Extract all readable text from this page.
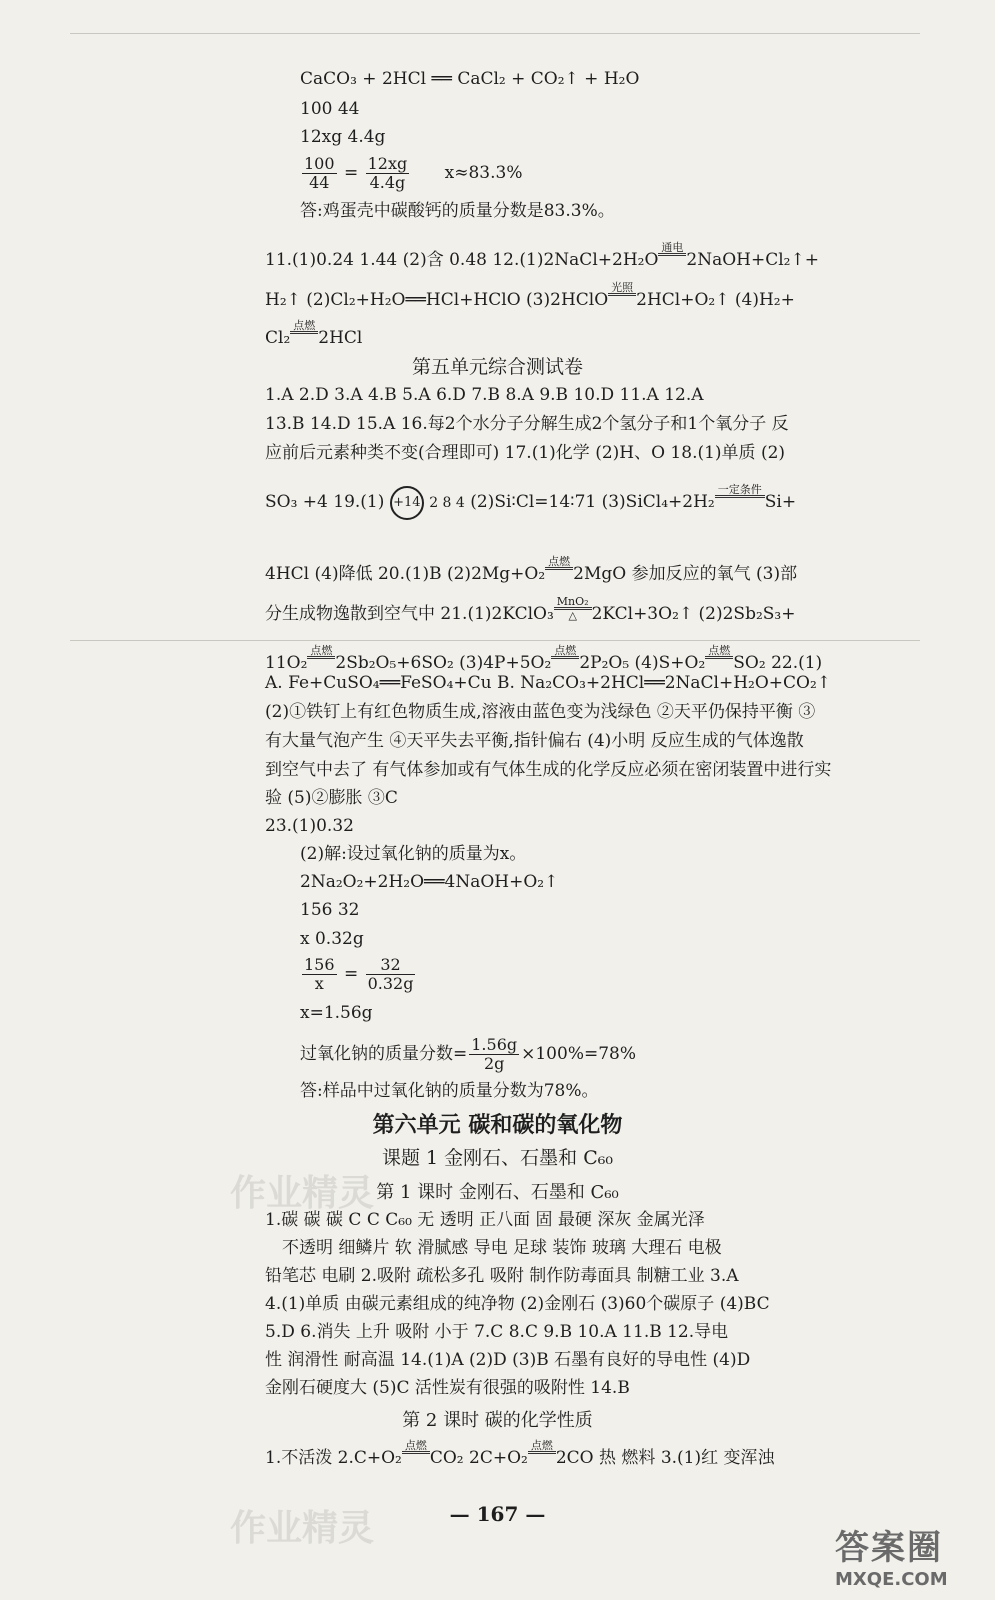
CaCO₃ + 2HCl ══ CaCl₂ + CO₂↑ + H₂O
100 44
12xg 4.4g
$\frac{100}{44} = \frac{12xg}{4.4g} x\approx 83.3\%$
答:鸡蛋壳中碳酸钙的质量分数是83.3%。
11.(1)0.24 1.44 (2)含 0.48 12.(1)2NaCl+2H₂O
通电

2NaOH+Cl₂↑+
H₂↑ (2)Cl₂+H₂O══HCl+HClO (3)2HClO
光照

2HCl+O₂↑ (4)H₂+
Cl₂
点燃

2HCl
第五单元综合测试卷
1.A 2.D 3.A 4.B 5.A 6.D 7.B 8.A 9.B 10.D 11.A 12.A
13.B 14.D 15.A 16.每2个水分子分解生成2个氢分子和1个氧分子 反
应前后元素种类不变(合理即可) 17.(1)化学 (2)H、O 18.(1)单质 (2)
SO₃ +4 19.(1) +14 2 8 4 (2)Si∶Cl=14∶71 (3)SiCl₄+2H₂
一定条件

Si+
4HCl (4)降低 20.(1)B (2)2Mg+O₂
点燃

2MgO 参加反应的氧气 (3)部
分生成物逸散到空气中 21.(1)2KClO₃
MnO₂
△ 2KCl+3O₂↑ (2)2Sb₂S₃+
11O₂
点燃

2Sb₂O₅+6SO₂ (3)4P+5O₂
点燃

2P₂O₅ (4)S+O₂
点燃

SO₂ 22.(1)
A. Fe+CuSO₄══FeSO₄+Cu B. Na₂CO₃+2HCl══2NaCl+H₂O+CO₂↑
(2)①铁钉上有红色物质生成,溶液由蓝色变为浅绿色 ②天平仍保持平衡 ③
有大量气泡产生 ④天平失去平衡,指针偏右 (4)小明 反应生成的气体逸散
到空气中去了 有气体参加或有气体生成的化学反应必须在密闭装置中进行实
验 (5)②膨胀 ③C
23.(1)0.32
(2)解:设过氧化钠的质量为x。
2Na₂O₂+2H₂O══4NaOH+O₂↑
156 32
x 0.32g
$\frac{156}{x} = \frac{32}{0.32g}$
x=1.56g
过氧化钠的质量分数= $\frac{1.56g}{2g} \times 100\%=78\%$
答:样品中过氧化钠的质量分数为78%。
第六单元 碳和碳的氧化物
课题 1 金刚石、石墨和 C₆₀
第 1 课时 金刚石、石墨和 C₆₀
作业精灵
1.碳 碳 碳 C C C₆₀ 无 透明 正八面 固 最硬 深灰 金属光泽
不透明 细鳞片 软 滑腻感 导电 足球 装饰 玻璃 大理石 电极
铅笔芯 电刷 2.吸附 疏松多孔 吸附 制作防毒面具 制糖工业 3.A
4.(1)单质 由碳元素组成的纯净物 (2)金刚石 (3)60个碳原子 (4)BC
5.D 6.消失 上升 吸附 小于 7.C 8.C 9.B 10.A 11.B 12.导电
性 润滑性 耐高温 14.(1)A (2)D (3)B 石墨有良好的导电性 (4)D
金刚石硬度大 (5)C 活性炭有很强的吸附性 14.B
第 2 课时 碳的化学性质
1.不活泼 2.C+O₂
点燃

CO₂ 2C+O₂
点燃

2CO 热 燃料 3.(1)红 变浑浊
— 167 —
作业精灵	答案圈
MXQE.COM
